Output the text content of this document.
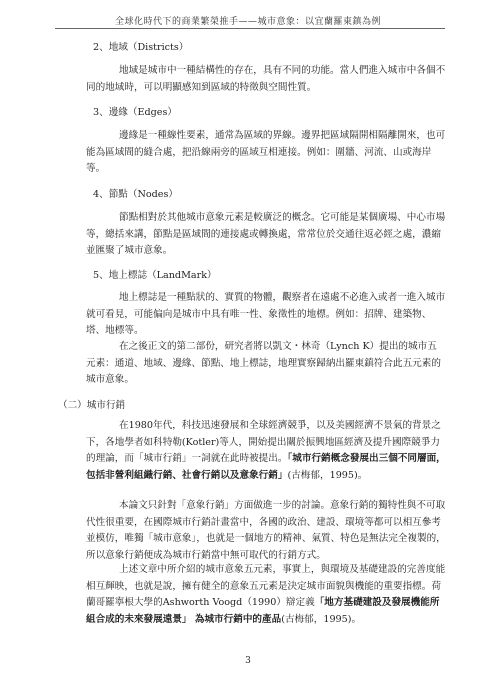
全球化時代下的商業繁榮推手——城市意象：以宜蘭羅東鎮為例
2、地域（Districts）
地域是城市中一種結構性的存在，具有不同的功能。當人們進入城市中各個不同的地域時，可以明顯感知到區域的特徵與空間性質。
3、邊緣（Edges）
邊緣是一種線性要素，通常為區域的界線。邊界把區域隔開相隔離開來，也可能為區域間的縫合處，把沿線兩旁的區域互相連接。例如：圍牆、河流、山或海岸等。
4、節點（Nodes）
節點相對於其他城市意象元素是較廣泛的概念。它可能是某個廣場、中心市場等，總括來講，節點是區域間的連接處或轉換處，常常位於交通往返必經之處，濃縮並匯聚了城市意象。
5、地上標誌（LandMark）
地上標誌是一種點狀的、實質的物體，觀察者在遠處不必進入或者一進入城市就可看見，可能偏向是城市中具有唯一性、象徵性的地標。例如：招牌、建築物、塔、地標等。
在之後正文的第二部份，研究者將以凱文・林奇（Lynch K）提出的城市五元素：通道、地域、邊緣、節點、地上標誌，地理實察歸納出羅東鎮符合此五元素的城市意象。
（二）城市行銷
在1980年代，科技迅速發展和全球經濟競爭，以及美國經濟不景氣的背景之下，各地學者如科特勒(Kotler)等人，開始提出關於振興地區經濟及提升國際競爭力的理論，而「城市行銷」一詞就在此時被提出。「城市行銷概念發展出三個不同層面，包括非營利組織行銷、社會行銷以及意象行銷」(古梅郁，1995)。
本論文只針對「意象行銷」方面做進一步的討論。意象行銷的獨特性與不可取代性很重要，在國際城市行銷計畫當中，各國的政治、建設、環境等都可以相互參考並模仿，唯獨「城市意象」，也就是一個地方的精神、氣質、特色是無法完全複製的，所以意象行銷便成為城市行銷當中無可取代的行銷方式。
上述文章中所介紹的城市意象五元素，事實上，與環境及基礎建設的完善度能相互輝映，也就是說，擁有健全的意象五元素是決定城市面貌與機能的重要指標。荷蘭哥羅寧根大學的Ashworth Voogd（1990）辯定義「地方基礎建設及發展機能所組合成的未來發展遠景」 為城市行銷中的產品(古梅郁，1995)。
3
